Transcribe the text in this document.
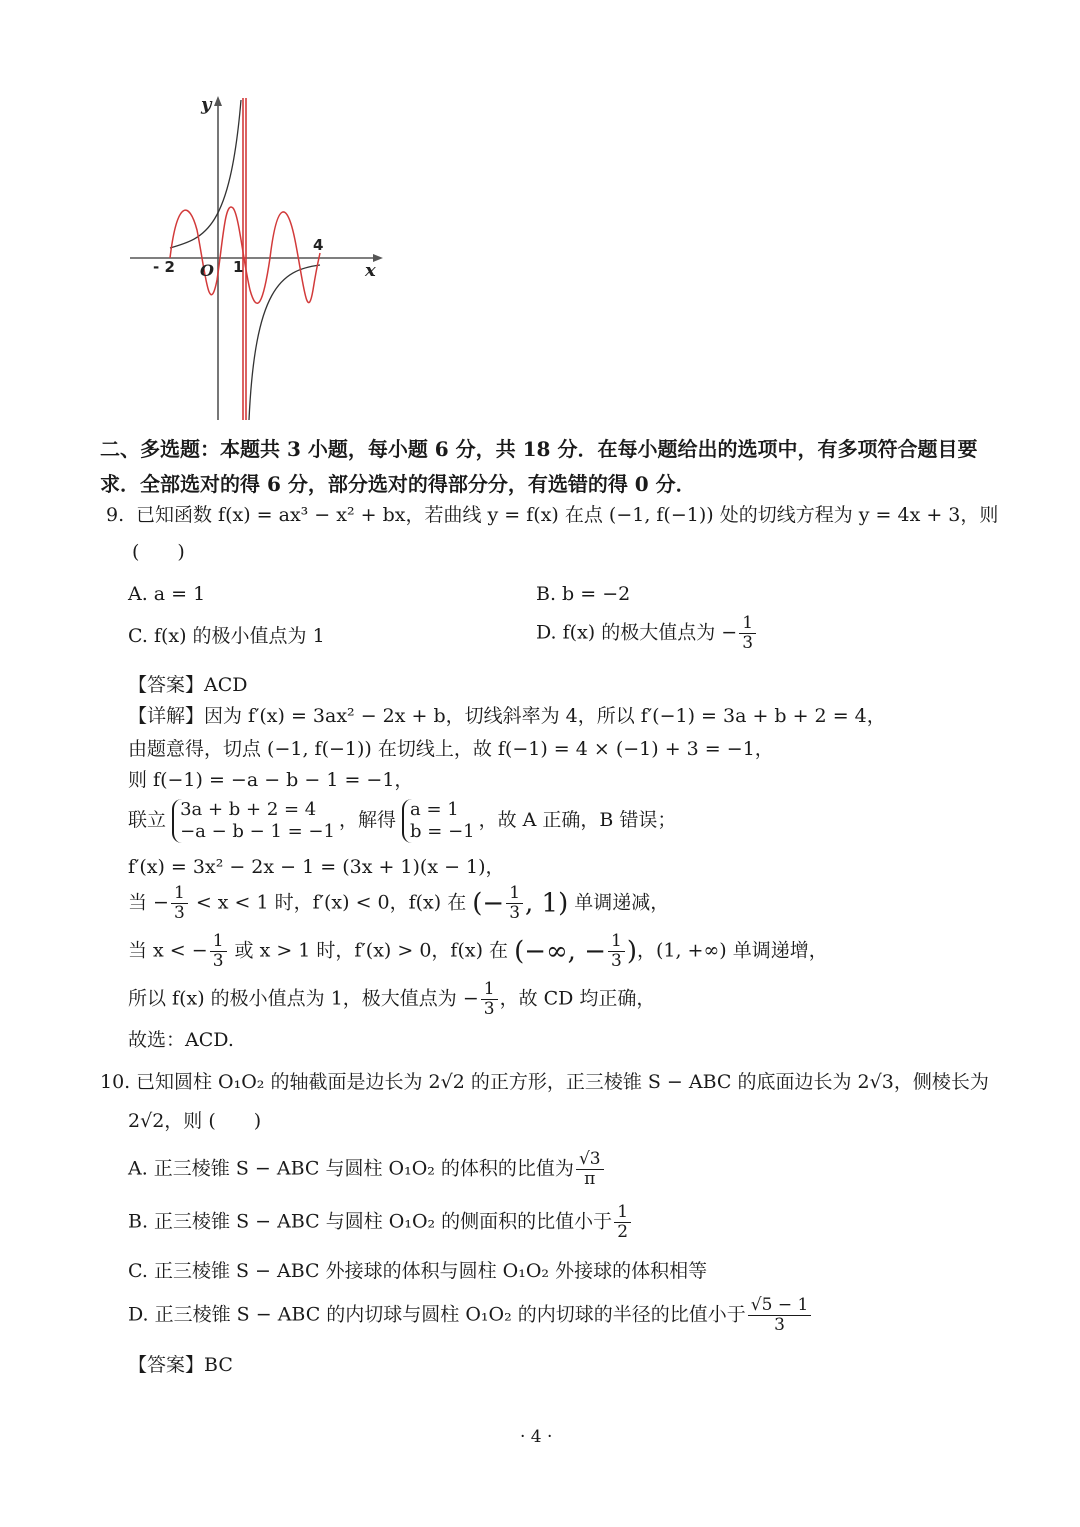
y
x
O
- 2	1
4
二、多选题：本题共 3 小题，每小题 6 分，共 18 分．在每小题给出的选项中，有多项符合题目要
求．全部选对的得 6 分，部分选对的得部分分，有选错的得 0 分．
9. 已知函数 f(x) = ax³ − x² + bx，若曲线 y = f(x) 在点 (−1, f(−1)) 处的切线方程为 y = 4x + 3，则
(　　)
A. a = 1	B. b = −2
C. f(x) 的极小值点为 1	D. f(x) 的极大值点为 − $\frac{1}{3}$
【答案】ACD
【详解】因为 f′(x) = 3ax² − 2x + b，切线斜率为 4，所以 f′(−1) = 3a + b + 2 = 4，
由题意得，切点 (−1, f(−1)) 在切线上，故 f(−1) = 4 × (−1) + 3 = −1，
则 f(−1) = −a − b − 1 = −1，
联立 3a + b + 2 = 4
−a − b − 1 = −1
，解得 a = 1
b = −1
，故 A 正确，B 错误；
f′(x) = 3x² − 2x − 1 = (3x + 1)(x − 1)，
当 − $\frac{1}{3} < x < 1$ 时，f′(x) < 0，f(x) 在 (− $\frac{1}{3}$ , 1) 单调递减，
当 x < − $\frac{1}{3}$ 或 x > 1 时，f′(x) > 0，f(x) 在 (−∞, − $\frac{1}{3}$ )，(1, +∞) 单调递增，
所以 f(x) 的极小值点为 1，极大值点为 − $\frac{1}{3}$ ，故 CD 均正确，
故选：ACD.
10. 已知圆柱 O₁O₂ 的轴截面是边长为 2√2 的正方形，正三棱锥 S − ABC 的底面边长为 2√3，侧棱长为
2√2，则 (　　)
A. 正三棱锥 S − ABC 与圆柱 O₁O₂ 的体积的比值为 $\frac{√3}{\pi}$
B. 正三棱锥 S − ABC 与圆柱 O₁O₂ 的侧面积的比值小于 $\frac{1}{2}$
C. 正三棱锥 S − ABC 外接球的体积与圆柱 O₁O₂ 外接球的体积相等
D. 正三棱锥 S − ABC 的内切球与圆柱 O₁O₂ 的内切球的半径的比值小于 $\frac{√5 - 1}{3}$
【答案】BC
· 4 ·
